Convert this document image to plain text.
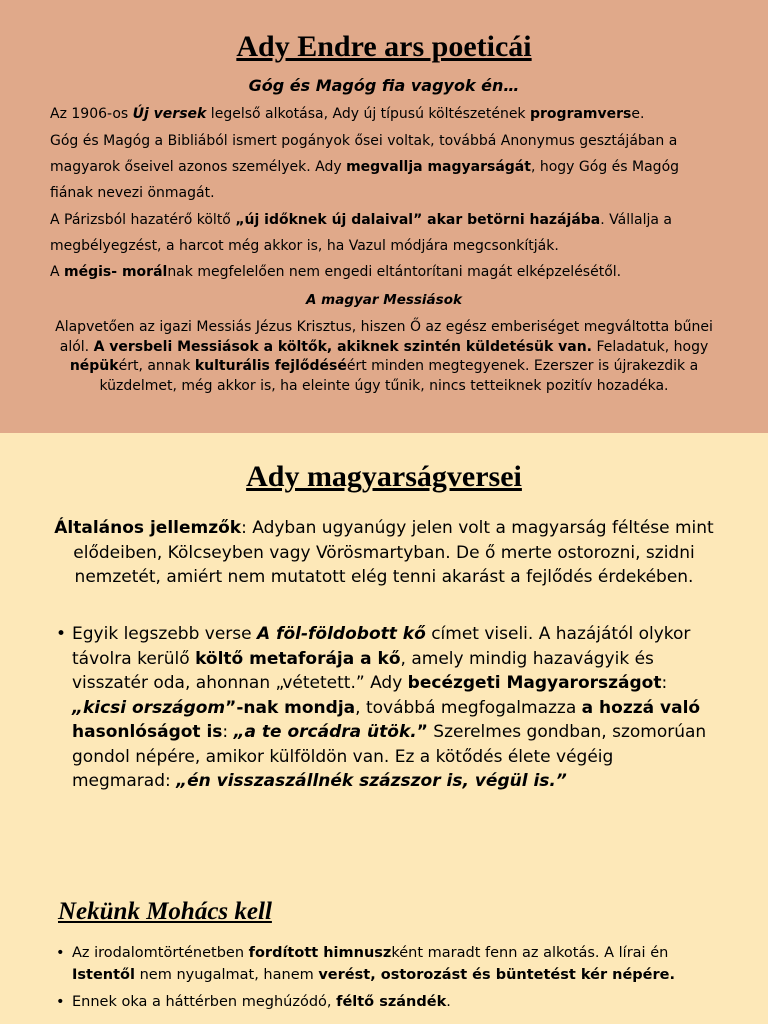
Ady Endre ars poeticái
Góg és Magóg fia vagyok én…
Az 1906-os Új versek legelső alkotása, Ady új típusú költészetének programverse.
Góg és Magóg a Bibliából ismert pogányok ősei voltak, továbbá Anonymus gesztájában a
magyarok őseivel azonos személyek. Ady megvallja magyarságát, hogy Góg és Magóg
fiának nevezi önmagát.
A Párizsból hazatérő költő „új időknek új dalaival” akar betörni hazájába. Vállalja a
megbélyegzést, a harcot még akkor is, ha Vazul módjára megcsonkítják.
A mégis- morálnak megfelelően nem engedi eltántorítani magát elképzelésétől.
A magyar Messiások
Alapvetően az igazi Messiás Jézus Krisztus, hiszen Ő az egész emberiséget megváltotta bűnei alól. A versbeli Messiások a költők, akiknek szintén küldetésük van. Feladatuk, hogy népükért, annak kulturális fejlődéséért minden megtegyenek. Ezerszer is újrakezdik a küzdelmet, még akkor is, ha eleinte úgy tűnik, nincs tetteiknek pozitív hozadéka.
Ady magyarságversei
Általános jellemzők: Adyban ugyanúgy jelen volt a magyarság féltése mint elődeiben, Kölcseyben vagy Vörösmartyban. De ő merte ostorozni, szidni nemzetét, amiért nem mutatott elég tenni akarást a fejlődés érdekében.
• Egyik legszebb verse A föl-földobott kő címet viseli. A hazájától olykor távolra kerülő költő metaforája a kő, amely mindig hazavágyik és visszatér oda, ahonnan „vétetett.” Ady becézgeti Magyarországot: „kicsi országom”-nak mondja, továbbá megfogalmazza a hozzá való hasonlóságot is: „a te orcádra ütök.” Szerelmes gondban, szomorúan gondol népére, amikor külföldön van. Ez a kötődés élete végéig megmarad: „én visszaszállnék százszor is, végül is.”
Nekünk Mohács kell
• Az irodalomtörténetben fordított himnuszként maradt fenn az alkotás. A lírai én Istentől nem nyugalmat, hanem verést, ostorozást és büntetést kér népére.
• Ennek oka a háttérben meghúzódó, féltő szándék.
